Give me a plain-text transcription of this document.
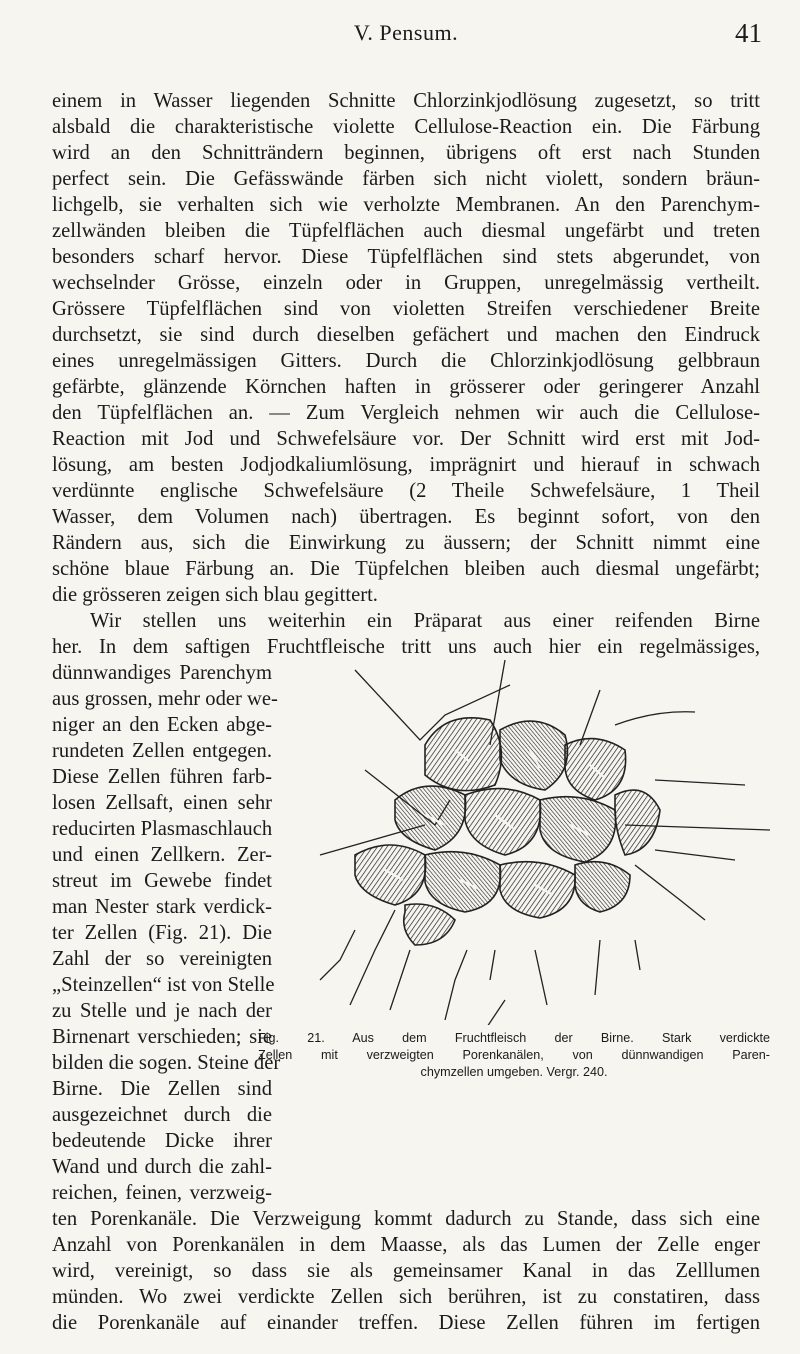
V. Pensum.	41

einem in Wasser liegenden Schnitte Chlorzinkjodlösung zugesetzt, so tritt

alsbald die charakteristische violette Cellulose-Reaction ein. Die Färbung

wird an den Schnitträndern beginnen, übrigens oft erst nach Stunden

perfect sein. Die Gefässwände färben sich nicht violett, sondern bräun-

lichgelb, sie verhalten sich wie verholzte Membranen. An den Parenchym-

zellwänden bleiben die Tüpfelflächen auch diesmal ungefärbt und treten

besonders scharf hervor. Diese Tüpfelflächen sind stets abgerundet, von

wechselnder Grösse, einzeln oder in Gruppen, unregelmässig vertheilt.

Grössere Tüpfelflächen sind von violetten Streifen verschiedener Breite

durchsetzt, sie sind durch dieselben gefächert und machen den Eindruck

eines unregelmässigen Gitters. Durch die Chlorzinkjodlösung gelbbraun

gefärbte, glänzende Körnchen haften in grösserer oder geringerer Anzahl

den Tüpfelflächen an. — Zum Vergleich nehmen wir auch die Cellulose-

Reaction mit Jod und Schwefelsäure vor. Der Schnitt wird erst mit Jod-

lösung, am besten Jodjodkaliumlösung, imprägnirt und hierauf in schwach

verdünnte englische Schwefelsäure (2 Theile Schwefelsäure, 1 Theil

Wasser, dem Volumen nach) übertragen. Es beginnt sofort, von den

Rändern aus, sich die Einwirkung zu äussern; der Schnitt nimmt eine

schöne blaue Färbung an. Die Tüpfelchen bleiben auch diesmal ungefärbt;

die grösseren zeigen sich blau gegittert.

Wir stellen uns weiterhin ein Präparat aus einer reifenden Birne

her. In dem saftigen Fruchtfleische tritt uns auch hier ein regelmässiges,

dünnwandiges Parenchym

aus grossen, mehr oder we-

niger an den Ecken abge-

rundeten Zellen entgegen.

Diese Zellen führen farb-

losen Zellsaft, einen sehr

reducirten Plasmaschlauch

und einen Zellkern. Zer-

streut im Gewebe findet

man Nester stark verdick-

ter Zellen (Fig. 21). Die

Zahl der so vereinigten

„Steinzellen“ ist von Stelle

zu Stelle und je nach der

Birnenart verschieden; sie

bilden die sogen. Steine der

Birne. Die Zellen sind

ausgezeichnet durch die

bedeutende Dicke ihrer

Wand und durch die zahl-

reichen, feinen, verzweig-

Fig. 21. Aus dem Fruchtfleisch der Birne. Stark verdickte

Zellen mit verzweigten Porenkanälen, von dünnwandigen Paren-

chymzellen umgeben. Vergr. 240.

ten Porenkanäle. Die Verzweigung kommt dadurch zu Stande, dass sich eine

Anzahl von Porenkanälen in dem Maasse, als das Lumen der Zelle enger

wird, vereinigt, so dass sie als gemeinsamer Kanal in das Zelllumen

münden. Wo zwei verdickte Zellen sich berühren, ist zu constatiren, dass

die Porenkanäle auf einander treffen. Diese Zellen führen im fertigen
